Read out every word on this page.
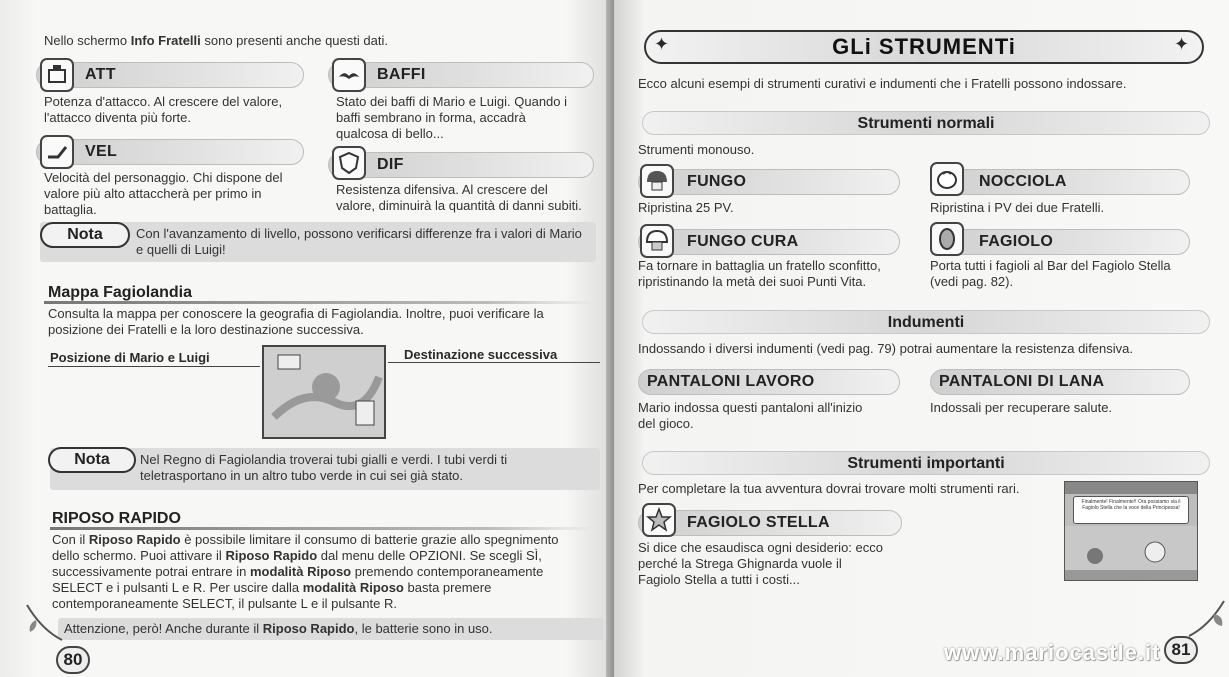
Nello schermo Info Fratelli sono presenti anche questi dati.
ATT
Potenza d'attacco. Al crescere del valore, l'attacco diventa più forte.
BAFFI
Stato dei baffi di Mario e Luigi. Quando i baffi sembrano in forma, accadrà qualcosa di bello...
VEL
Velocità del personaggio. Chi dispone del valore più alto attaccherà per primo in battaglia.
DIF
Resistenza difensiva. Al crescere del valore, diminuirà la quantità di danni subiti.
Nota	Con l'avanzamento di livello, possono verificarsi differenze fra i valori di Mario e quelli di Luigi!
Mappa Fagiolandia
Consulta la mappa per conoscere la geografia di Fagiolandia. Inoltre, puoi verificare la posizione dei Fratelli e la loro destinazione successiva.
Posizione di Mario e Luigi	Destinazione successiva
Nota	Nel Regno di Fagiolandia troverai tubi gialli e verdi. I tubi verdi ti teletrasportano in un altro tubo verde in cui sei già stato.
RIPOSO RAPIDO
Con il Riposo Rapido è possibile limitare il consumo di batterie grazie allo spegnimento dello schermo. Puoi attivare il Riposo Rapido dal menu delle OPZIONI. Se scegli SÌ, successivamente potrai entrare in modalità Riposo premendo contemporaneamente SELECT e i pulsanti L e R. Per uscire dalla modalità Riposo basta premere contemporaneamente SELECT, il pulsante L e il pulsante R.
Attenzione, però! Anche durante il Riposo Rapido, le batterie sono in uso.
80
GLi STRUMENTi
✦	✦
Ecco alcuni esempi di strumenti curativi e indumenti che i Fratelli possono indossare.
Strumenti normali
Strumenti monouso.
FUNGO
Ripristina 25 PV.
NOCCIOLA
Ripristina i PV dei due Fratelli.
FUNGO CURA
Fa tornare in battaglia un fratello sconfitto, ripristinando la metà dei suoi Punti Vita.
FAGIOLO
Porta tutti i fagioli al Bar del Fagiolo Stella (vedi pag. 82).
Indumenti
Indossando i diversi indumenti (vedi pag. 79) potrai aumentare la resistenza difensiva.
PANTALONI LAVORO
Mario indossa questi pantaloni all'inizio del gioco.
PANTALONI DI LANA
Indossali per recuperare salute.
Strumenti importanti
Per completare la tua avventura dovrai trovare molti strumenti rari.
FAGIOLO STELLA
Si dice che esaudisca ogni desiderio: ecco perché la Strega Ghignarda vuole il Fagiolo Stella a tutti i costi...
Finalmente! Finalmente!! Ora possiamo sia il Fagiolo Stella che la voce della Principessa!
www.mariocastle.it 81
